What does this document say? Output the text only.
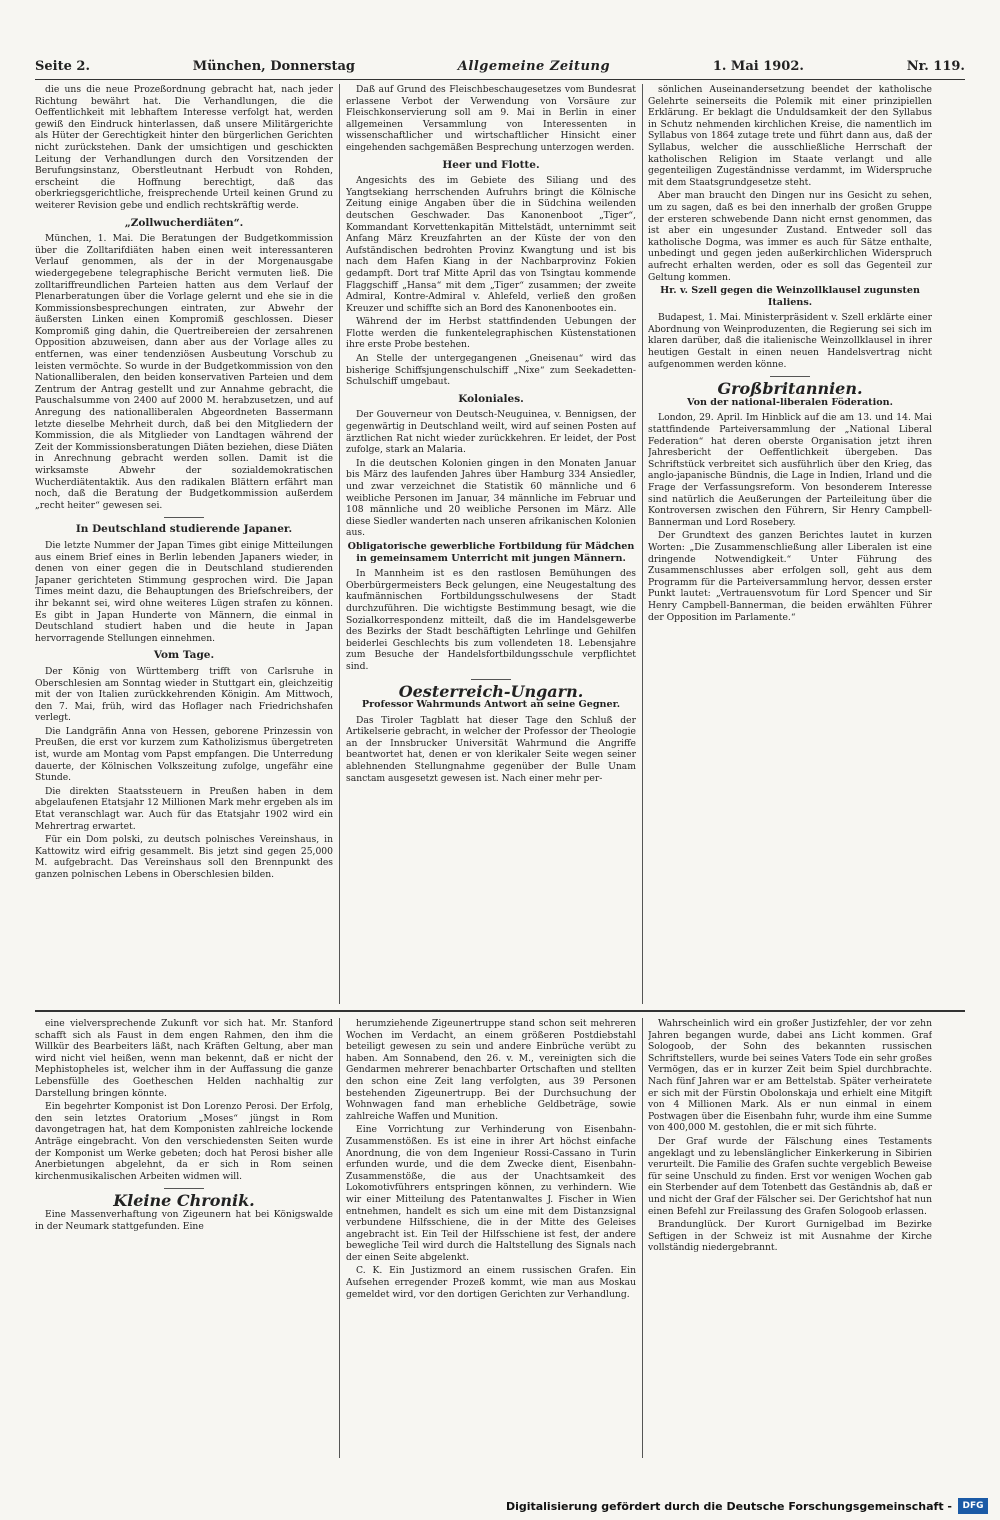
Seite 2.	München, Donnerstag	Allgemeine Zeitung	1. Mai 1902.	Nr. 119.

die uns die neue Prozeßordnung gebracht hat, nach jeder Richtung bewährt hat. Die Verhandlungen, die die Oeffentlichkeit mit lebhaftem Interesse verfolgt hat, werden gewiß den Eindruck hinterlassen, daß unsere Militärgerichte als Hüter der Gerechtigkeit hinter den bürgerlichen Gerichten nicht zurückstehen. Dank der umsichtigen und geschickten Leitung der Verhandlungen durch den Vorsitzenden der Berufungsinstanz, Oberstleutnant Herbudt von Rohden, erscheint die Hoffnung berechtigt, daß das oberkriegsgerichtliche, freisprechende Urteil keinen Grund zu weiterer Revision gebe und endlich rechtskräftig werde.

„Zollwucherdiäten“.

München, 1. Mai. Die Beratungen der Budgetkommission über die Zolltarifdiäten haben einen weit interessanteren Verlauf genommen, als der in der Morgenausgabe wiedergegebene telegraphische Bericht vermuten ließ. Die zolltariffreundlichen Parteien hatten aus dem Verlauf der Plenarberatungen über die Vorlage gelernt und ehe sie in die Kommissionsbesprechungen eintraten, zur Abwehr der äußersten Linken einen Kompromiß geschlossen. Dieser Kompromiß ging dahin, die Quertreibereien der zersahrenen Opposition abzuweisen, dann aber aus der Vorlage alles zu entfernen, was einer tendenziösen Ausbeutung Vorschub zu leisten vermöchte. So wurde in der Budgetkommission von den Nationalliberalen, den beiden konservativen Parteien und dem Zentrum der Antrag gestellt und zur Annahme gebracht, die Pauschalsumme von 2400 auf 2000 M. herabzusetzen, und auf Anregung des nationalliberalen Abgeordneten Bassermann letzte dieselbe Mehrheit durch, daß bei den Mitgliedern der Kommission, die als Mitglieder von Landtagen während der Zeit der Kommissionsberatungen Diäten beziehen, diese Diäten in Anrechnung gebracht werden sollen. Damit ist die wirksamste Abwehr der sozialdemokratischen Wucherdiätentaktik. Aus den radikalen Blättern erfährt man noch, daß die Beratung der Budgetkommission außerdem „recht heiter“ gewesen sei.

In Deutschland studierende Japaner.

Die letzte Nummer der Japan Times gibt einige Mitteilungen aus einem Brief eines in Berlin lebenden Japaners wieder, in denen von einer gegen die in Deutschland studierenden Japaner gerichteten Stimmung gesprochen wird. Die Japan Times meint dazu, die Behauptungen des Briefschreibers, der ihr bekannt sei, wird ohne weiteres Lügen strafen zu können. Es gibt in Japan Hunderte von Männern, die einmal in Deutschland studiert haben und die heute in Japan hervorragende Stellungen einnehmen.

Vom Tage.

Der König von Württemberg trifft von Carlsruhe in Oberschlesien am Sonntag wieder in Stuttgart ein, gleichzeitig mit der von Italien zurückkehrenden Königin. Am Mittwoch, den 7. Mai, früh, wird das Hoflager nach Friedrichshafen verlegt.

Die Landgräfin Anna von Hessen, geborene Prinzessin von Preußen, die erst vor kurzem zum Katholizismus übergetreten ist, wurde am Montag vom Papst empfangen. Die Unterredung dauerte, der Kölnischen Volkszeitung zufolge, ungefähr eine Stunde.

Die direkten Staatssteuern in Preußen haben in dem abgelaufenen Etatsjahr 12 Millionen Mark mehr ergeben als im Etat veranschlagt war. Auch für das Etatsjahr 1902 wird ein Mehrertrag erwartet.

Für ein Dom polski, zu deutsch polnisches Vereinshaus, in Kattowitz wird eifrig gesammelt. Bis jetzt sind gegen 25,000 M. aufgebracht. Das Vereinshaus soll den Brennpunkt des ganzen polnischen Lebens in Oberschlesien bilden.

Daß auf Grund des Fleischbeschaugesetzes vom Bundesrat erlassene Verbot der Verwendung von Vorsäure zur Fleischkonservierung soll am 9. Mai in Berlin in einer allgemeinen Versammlung von Interessenten in wissenschaftlicher und wirtschaftlicher Hinsicht einer eingehenden sachgemäßen Besprechung unterzogen werden.

Heer und Flotte.

Angesichts des im Gebiete des Siliang und des Yangtsekiang herrschenden Aufruhrs bringt die Kölnische Zeitung einige Angaben über die in Südchina weilenden deutschen Geschwader. Das Kanonenboot „Tiger“, Kommandant Korvettenkapitän Mittelstädt, unternimmt seit Anfang März Kreuzfahrten an der Küste der von den Aufständischen bedrohten Provinz Kwangtung und ist bis nach dem Hafen Kiang in der Nachbarprovinz Fokien gedampft. Dort traf Mitte April das von Tsingtau kommende Flaggschiff „Hansa“ mit dem „Tiger“ zusammen; der zweite Admiral, Kontre-Admiral v. Ahlefeld, verließ den großen Kreuzer und schiffte sich an Bord des Kanonenbootes ein.

Während der im Herbst stattfindenden Uebungen der Flotte werden die funkentelegraphischen Küstenstationen ihre erste Probe bestehen.

An Stelle der untergegangenen „Gneisenau“ wird das bisherige Schiffsjungenschulschiff „Nixe“ zum Seekadetten-Schulschiff umgebaut.

Koloniales.

Der Gouverneur von Deutsch-Neuguinea, v. Bennigsen, der gegenwärtig in Deutschland weilt, wird auf seinen Posten auf ärztlichen Rat nicht wieder zurückkehren. Er leidet, der Post zufolge, stark an Malaria.

In die deutschen Kolonien gingen in den Monaten Januar bis März des laufenden Jahres über Hamburg 334 Ansiedler, und zwar verzeichnet die Statistik 60 männliche und 6 weibliche Personen im Januar, 34 männliche im Februar und 108 männliche und 20 weibliche Personen im März. Alle diese Siedler wanderten nach unseren afrikanischen Kolonien aus.

Obligatorische gewerbliche Fortbildung für Mädchen in gemeinsamem Unterricht mit jungen Männern.

In Mannheim ist es den rastlosen Bemühungen des Oberbürgermeisters Beck gelungen, eine Neugestaltung des kaufmännischen Fortbildungsschulwesens der Stadt durchzuführen. Die wichtigste Bestimmung besagt, wie die Sozialkorrespondenz mitteilt, daß die im Handelsgewerbe des Bezirks der Stadt beschäftigten Lehrlinge und Gehilfen beiderlei Geschlechts bis zum vollendeten 18. Lebensjahre zum Besuche der Handelsfortbildungsschule verpflichtet sind.

Oesterreich-Ungarn.
Professor Wahrmunds Antwort an seine Gegner.

Das Tiroler Tagblatt hat dieser Tage den Schluß der Artikelserie gebracht, in welcher der Professor der Theologie an der Innsbrucker Universität Wahrmund die Angriffe beantwortet hat, denen er von klerikaler Seite wegen seiner ablehnenden Stellungnahme gegenüber der Bulle Unam sanctam ausgesetzt gewesen ist. Nach einer mehr per-

sönlichen Auseinandersetzung beendet der katholische Gelehrte seinerseits die Polemik mit einer prinzipiellen Erklärung. Er beklagt die Unduldsamkeit der den Syllabus in Schutz nehmenden kirchlichen Kreise, die namentlich im Syllabus von 1864 zutage trete und führt dann aus, daß der Syllabus, welcher die ausschließliche Herrschaft der katholischen Religion im Staate verlangt und alle gegenteiligen Zugeständnisse verdammt, im Widerspruche mit dem Staatsgrundgesetze steht.

Aber man braucht den Dingen nur ins Gesicht zu sehen, um zu sagen, daß es bei den innerhalb der großen Gruppe der ersteren schwebende Dann nicht ernst genommen, das ist aber ein ungesunder Zustand. Entweder soll das katholische Dogma, was immer es auch für Sätze enthalte, unbedingt und gegen jeden außerkirchlichen Widerspruch aufrecht erhalten werden, oder es soll das Gegenteil zur Geltung kommen.

Hr. v. Szell gegen die Weinzollklausel zugunsten Italiens.

Budapest, 1. Mai. Ministerpräsident v. Szell erklärte einer Abordnung von Weinproduzenten, die Regierung sei sich im klaren darüber, daß die italienische Weinzollklausel in ihrer heutigen Gestalt in einen neuen Handelsvertrag nicht aufgenommen werden könne.

Großbritannien.
Von der national-liberalen Föderation.

London, 29. April. Im Hinblick auf die am 13. und 14. Mai stattfindende Parteiversammlung der „National Liberal Federation“ hat deren oberste Organisation jetzt ihren Jahresbericht der Oeffentlichkeit übergeben. Das Schriftstück verbreitet sich ausführlich über den Krieg, das anglo-japanische Bündnis, die Lage in Indien, Irland und die Frage der Verfassungsreform. Von besonderem Interesse sind natürlich die Aeußerungen der Parteileitung über die Kontroversen zwischen den Führern, Sir Henry Campbell-Bannerman und Lord Rosebery.

Der Grundtext des ganzen Berichtes lautet in kurzen Worten: „Die Zusammenschließung aller Liberalen ist eine dringende Notwendigkeit.“ Unter Führung des Zusammenschlusses aber erfolgen soll, geht aus dem Programm für die Parteiversammlung hervor, dessen erster Punkt lautet: „Vertrauensvotum für Lord Spencer und Sir Henry Campbell-Bannerman, die beiden erwählten Führer der Opposition im Parlamente.“

eine vielversprechende Zukunft vor sich hat. Mr. Stanford schafft sich als Faust in dem engen Rahmen, den ihm die Willkür des Bearbeiters läßt, nach Kräften Geltung, aber man wird nicht viel heißen, wenn man bekennt, daß er nicht der Mephistopheles ist, welcher ihm in der Auffassung die ganze Lebensfülle des Goetheschen Helden nachhaltig zur Darstellung bringen könnte.

Ein begehrter Komponist ist Don Lorenzo Perosi. Der Erfolg, den sein letztes Oratorium „Moses“ jüngst in Rom davongetragen hat, hat dem Komponisten zahlreiche lockende Anträge eingebracht. Von den verschiedensten Seiten wurde der Komponist um Werke gebeten; doch hat Perosi bisher alle Anerbietungen abgelehnt, da er sich in Rom seinen kirchenmusikalischen Arbeiten widmen will.

Kleine Chronik.

Eine Massenverhaftung von Zigeunern hat bei Königswalde in der Neumark stattgefunden. Eine

herumziehende Zigeunertruppe stand schon seit mehreren Wochen im Verdacht, an einem größeren Postdiebstahl beteiligt gewesen zu sein und andere Einbrüche verübt zu haben. Am Sonnabend, den 26. v. M., vereinigten sich die Gendarmen mehrerer benachbarter Ortschaften und stellten den schon eine Zeit lang verfolgten, aus 39 Personen bestehenden Zigeunertrupp. Bei der Durchsuchung der Wohnwagen fand man erhebliche Geldbeträge, sowie zahlreiche Waffen und Munition.

Eine Vorrichtung zur Verhinderung von Eisenbahn-Zusammenstößen. Es ist eine in ihrer Art höchst einfache Anordnung, die von dem Ingenieur Rossi-Cassano in Turin erfunden wurde, und die dem Zwecke dient, Eisenbahn-Zusammenstöße, die aus der Unachtsamkeit des Lokomotivführers entspringen können, zu verhindern. Wie wir einer Mitteilung des Patentanwaltes J. Fischer in Wien entnehmen, handelt es sich um eine mit dem Distanzsignal verbundene Hilfsschiene, die in der Mitte des Geleises angebracht ist. Ein Teil der Hilfsschiene ist fest, der andere bewegliche Teil wird durch die Haltstellung des Signals nach der einen Seite abgelenkt.

C. K. Ein Justizmord an einem russischen Grafen. Ein Aufsehen erregender Prozeß kommt, wie man aus Moskau gemeldet wird, vor den dortigen Gerichten zur Verhandlung.

Wahrscheinlich wird ein großer Justizfehler, der vor zehn Jahren begangen wurde, dabei ans Licht kommen. Graf Sologoob, der Sohn des bekannten russischen Schriftstellers, wurde bei seines Vaters Tode ein sehr großes Vermögen, das er in kurzer Zeit beim Spiel durchbrachte. Nach fünf Jahren war er am Bettelstab. Später verheiratete er sich mit der Fürstin Obolonskaja und erhielt eine Mitgift von 4 Millionen Mark. Als er nun einmal in einem Postwagen über die Eisenbahn fuhr, wurde ihm eine Summe von 400,000 M. gestohlen, die er mit sich führte.

Der Graf wurde der Fälschung eines Testaments angeklagt und zu lebenslänglicher Einkerkerung in Sibirien verurteilt. Die Familie des Grafen suchte vergeblich Beweise für seine Unschuld zu finden. Erst vor wenigen Wochen gab ein Sterbender auf dem Totenbett das Geständnis ab, daß er und nicht der Graf der Fälscher sei. Der Gerichtshof hat nun einen Befehl zur Freilassung des Grafen Sologoob erlassen.

Brandunglück. Der Kurort Gurnigelbad im Bezirke Seftigen in der Schweiz ist mit Ausnahme der Kirche vollständig niedergebrannt.

Digitalisierung gefördert durch die Deutsche Forschungsgemeinschaft -	DFG
